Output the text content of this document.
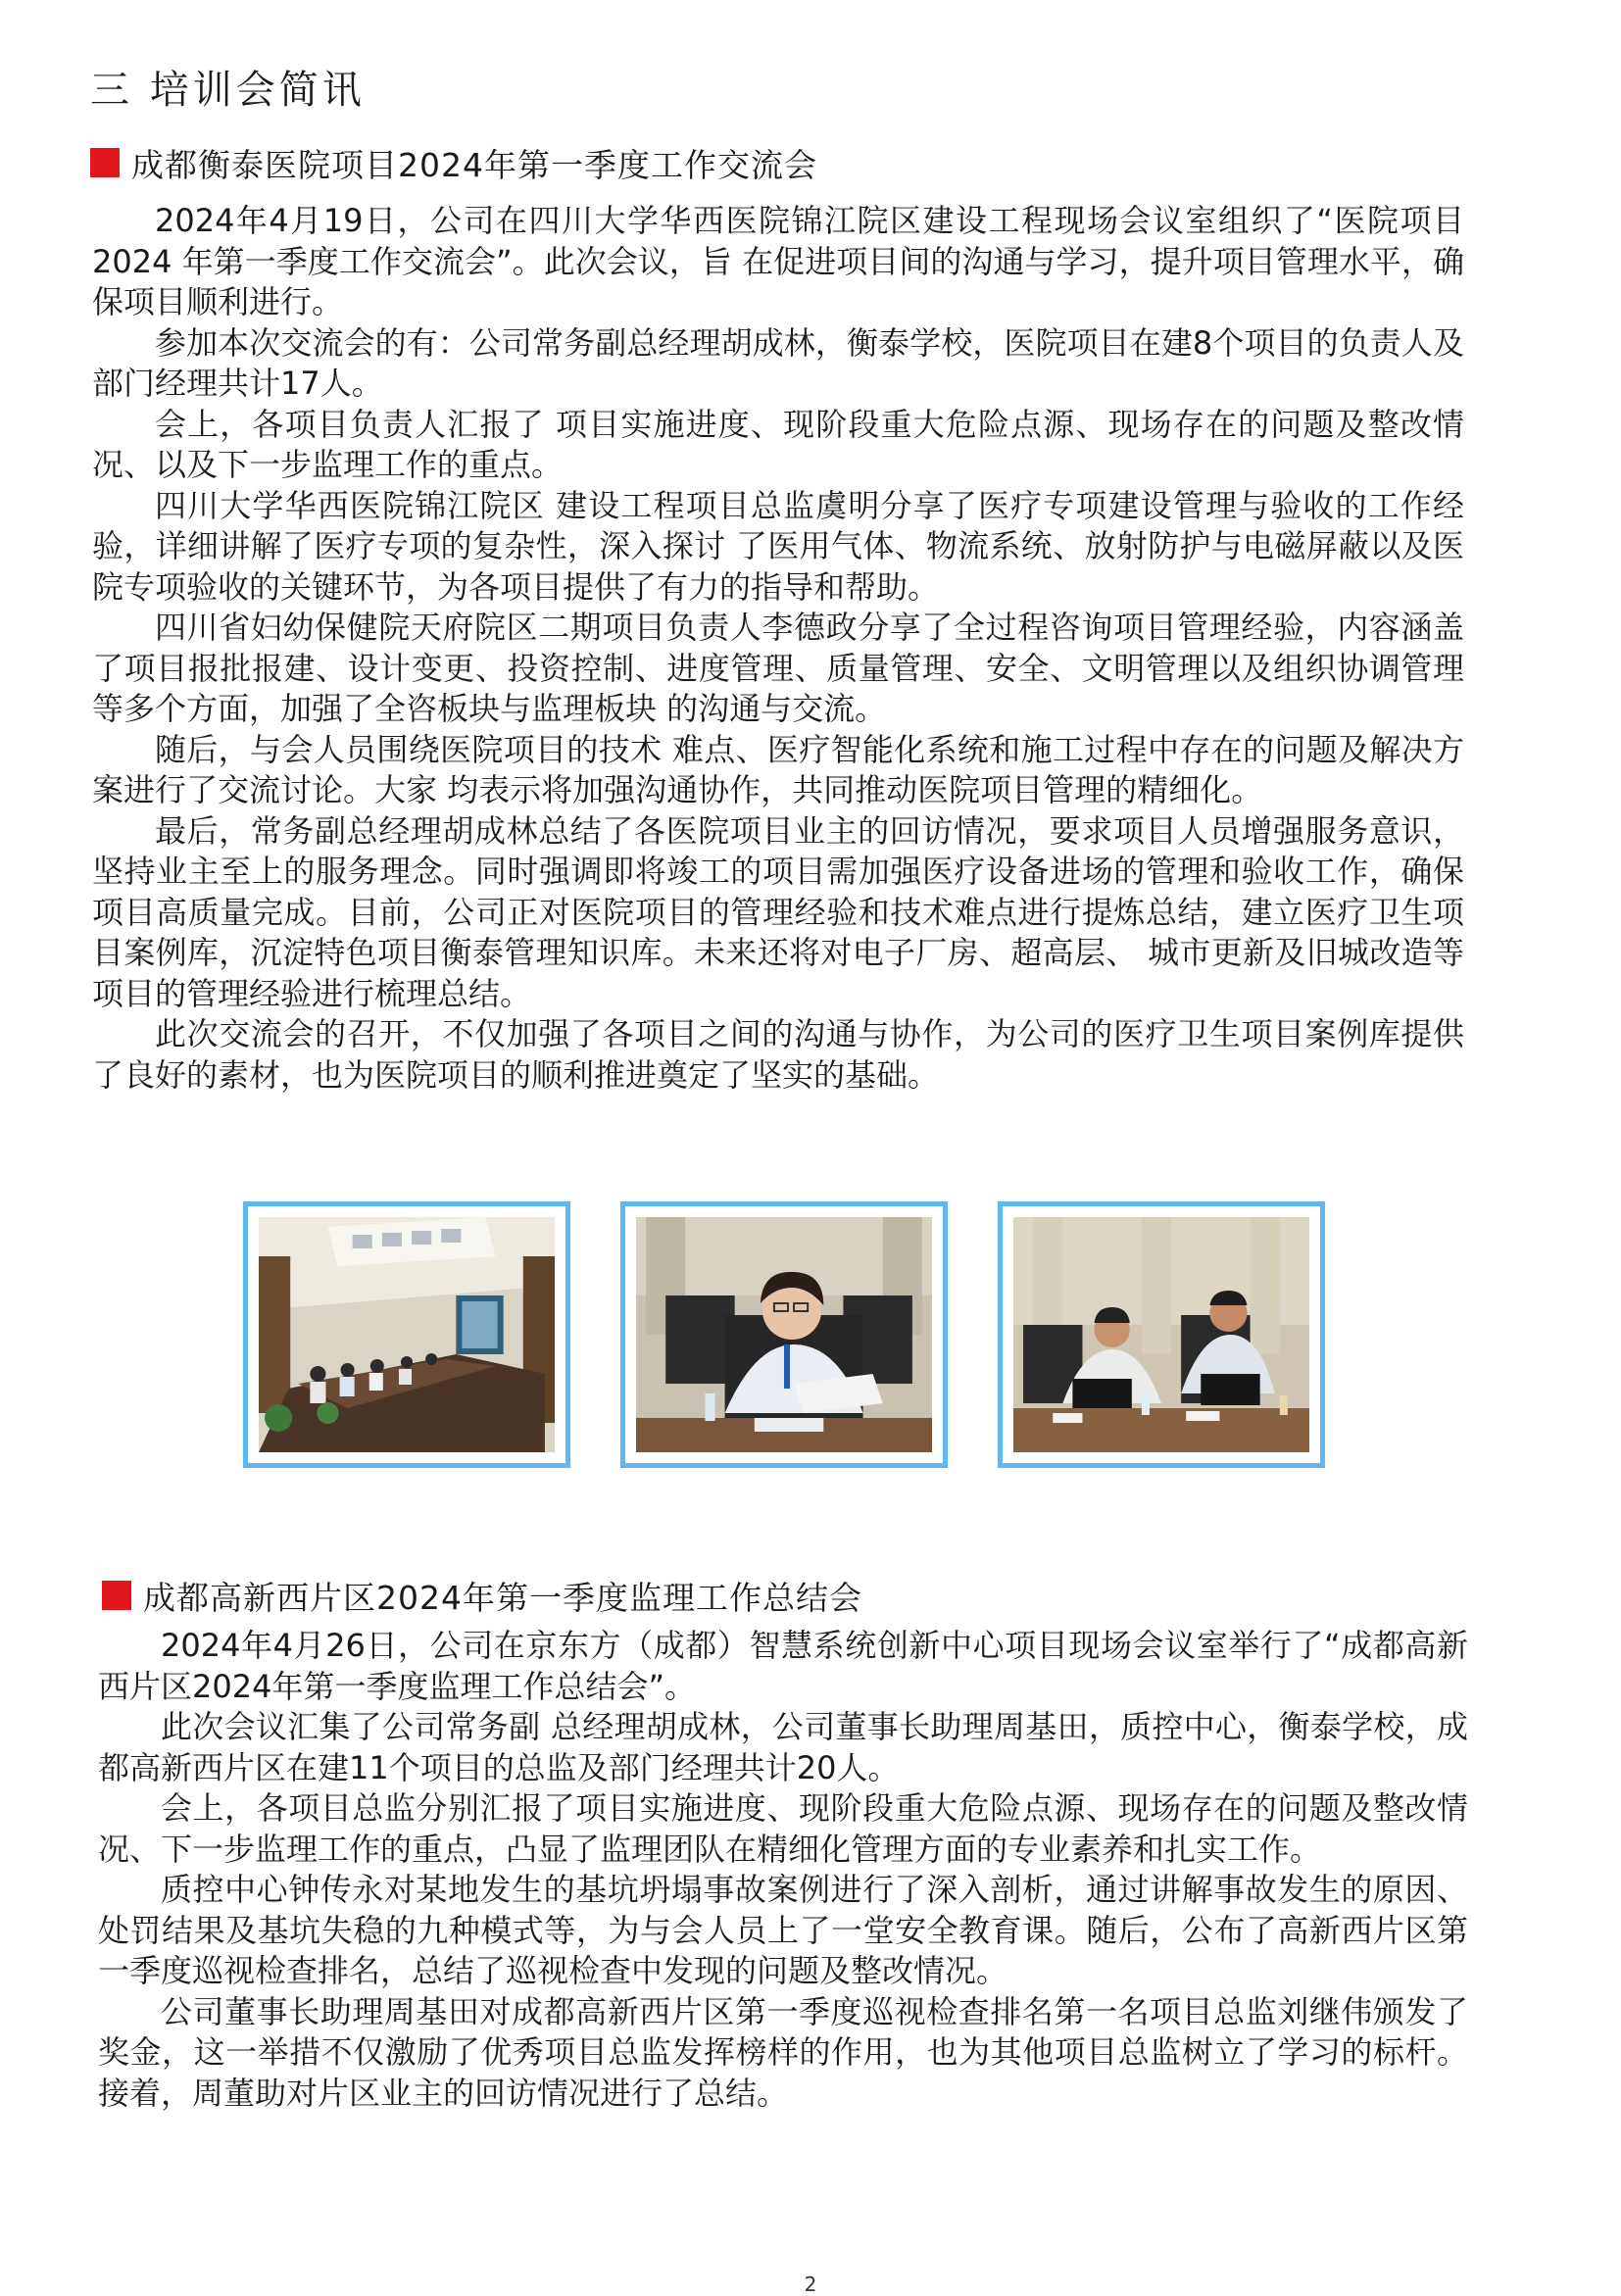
三 培训会简讯
成都衡泰医院项目2024年第一季度工作交流会

2024年4月19日，公司在四川大学华西医院锦江院区建设工程现场会议室组织了“医院项目2024 年第一季度工作交流会”。此次会议，旨 在促进项目间的沟通与学习，提升项目管理水平，确保项目顺利进行。

参加本次交流会的有：公司常务副总经理胡成林，衡泰学校，医院项目在建8个项目的负责人及部门经理共计17人。

会上，各项目负责人汇报了 项目实施进度、现阶段重大危险点源、现场存在的问题及整改情况、以及下一步监理工作的重点。

四川大学华西医院锦江院区 建设工程项目总监虞明分享了医疗专项建设管理与验收的工作经验，详细讲解了医疗专项的复杂性，深入探讨 了医用气体、物流系统、放射防护与电磁屏蔽以及医院专项验收的关键环节，为各项目提供了有力的指导和帮助。

四川省妇幼保健院天府院区二期项目负责人李德政分享了全过程咨询项目管理经验，内容涵盖了项目报批报建、设计变更、投资控制、进度管理、质量管理、安全、文明管理以及组织协调管理 等多个方面，加强了全咨板块与监理板块 的沟通与交流。

随后，与会人员围绕医院项目的技术 难点、医疗智能化系统和施工过程中存在的问题及解决方案进行了交流讨论。大家 均表示将加强沟通协作，共同推动医院项目管理的精细化。

最后，常务副总经理胡成林总结了各医院项目业主的回访情况，要求项目人员增强服务意识，坚持业主至上的服务理念。同时强调即将竣工的项目需加强医疗设备进场的管理和验收工作，确保项目高质量完成。目前，公司正对医院项目的管理经验和技术难点进行提炼总结，建立医疗卫生项目案例库，沉淀特色项目衡泰管理知识库。未来还将对电子厂房、超高层、 城市更新及旧城改造等项目的管理经验进行梳理总结。

此次交流会的召开，不仅加强了各项目之间的沟通与协作，为公司的医疗卫生项目案例库提供了良好的素材，也为医院项目的顺利推进奠定了坚实的基础。

成都高新西片区2024年第一季度监理工作总结会

2024年4月26日，公司在京东方（成都）智慧系统创新中心项目现场会议室举行了“成都高新西片区2024年第一季度监理工作总结会”。

此次会议汇集了公司常务副 总经理胡成林，公司董事长助理周基田，质控中心，衡泰学校，成都高新西片区在建11个项目的总监及部门经理共计20人。

会上，各项目总监分别汇报了项目实施进度、现阶段重大危险点源、现场存在的问题及整改情况、下一步监理工作的重点，凸显了监理团队在精细化管理方面的专业素养和扎实工作。

质控中心钟传永对某地发生的基坑坍塌事故案例进行了深入剖析，通过讲解事故发生的原因、处罚结果及基坑失稳的九种模式等，为与会人员上了一堂安全教育课。随后，公布了高新西片区第一季度巡视检查排名，总结了巡视检查中发现的问题及整改情况。

公司董事长助理周基田对成都高新西片区第一季度巡视检查排名第一名项目总监刘继伟颁发了奖金，这一举措不仅激励了优秀项目总监发挥榜样的作用，也为其他项目总监树立了学习的标杆。接着，周董助对片区业主的回访情况进行了总结。

2
